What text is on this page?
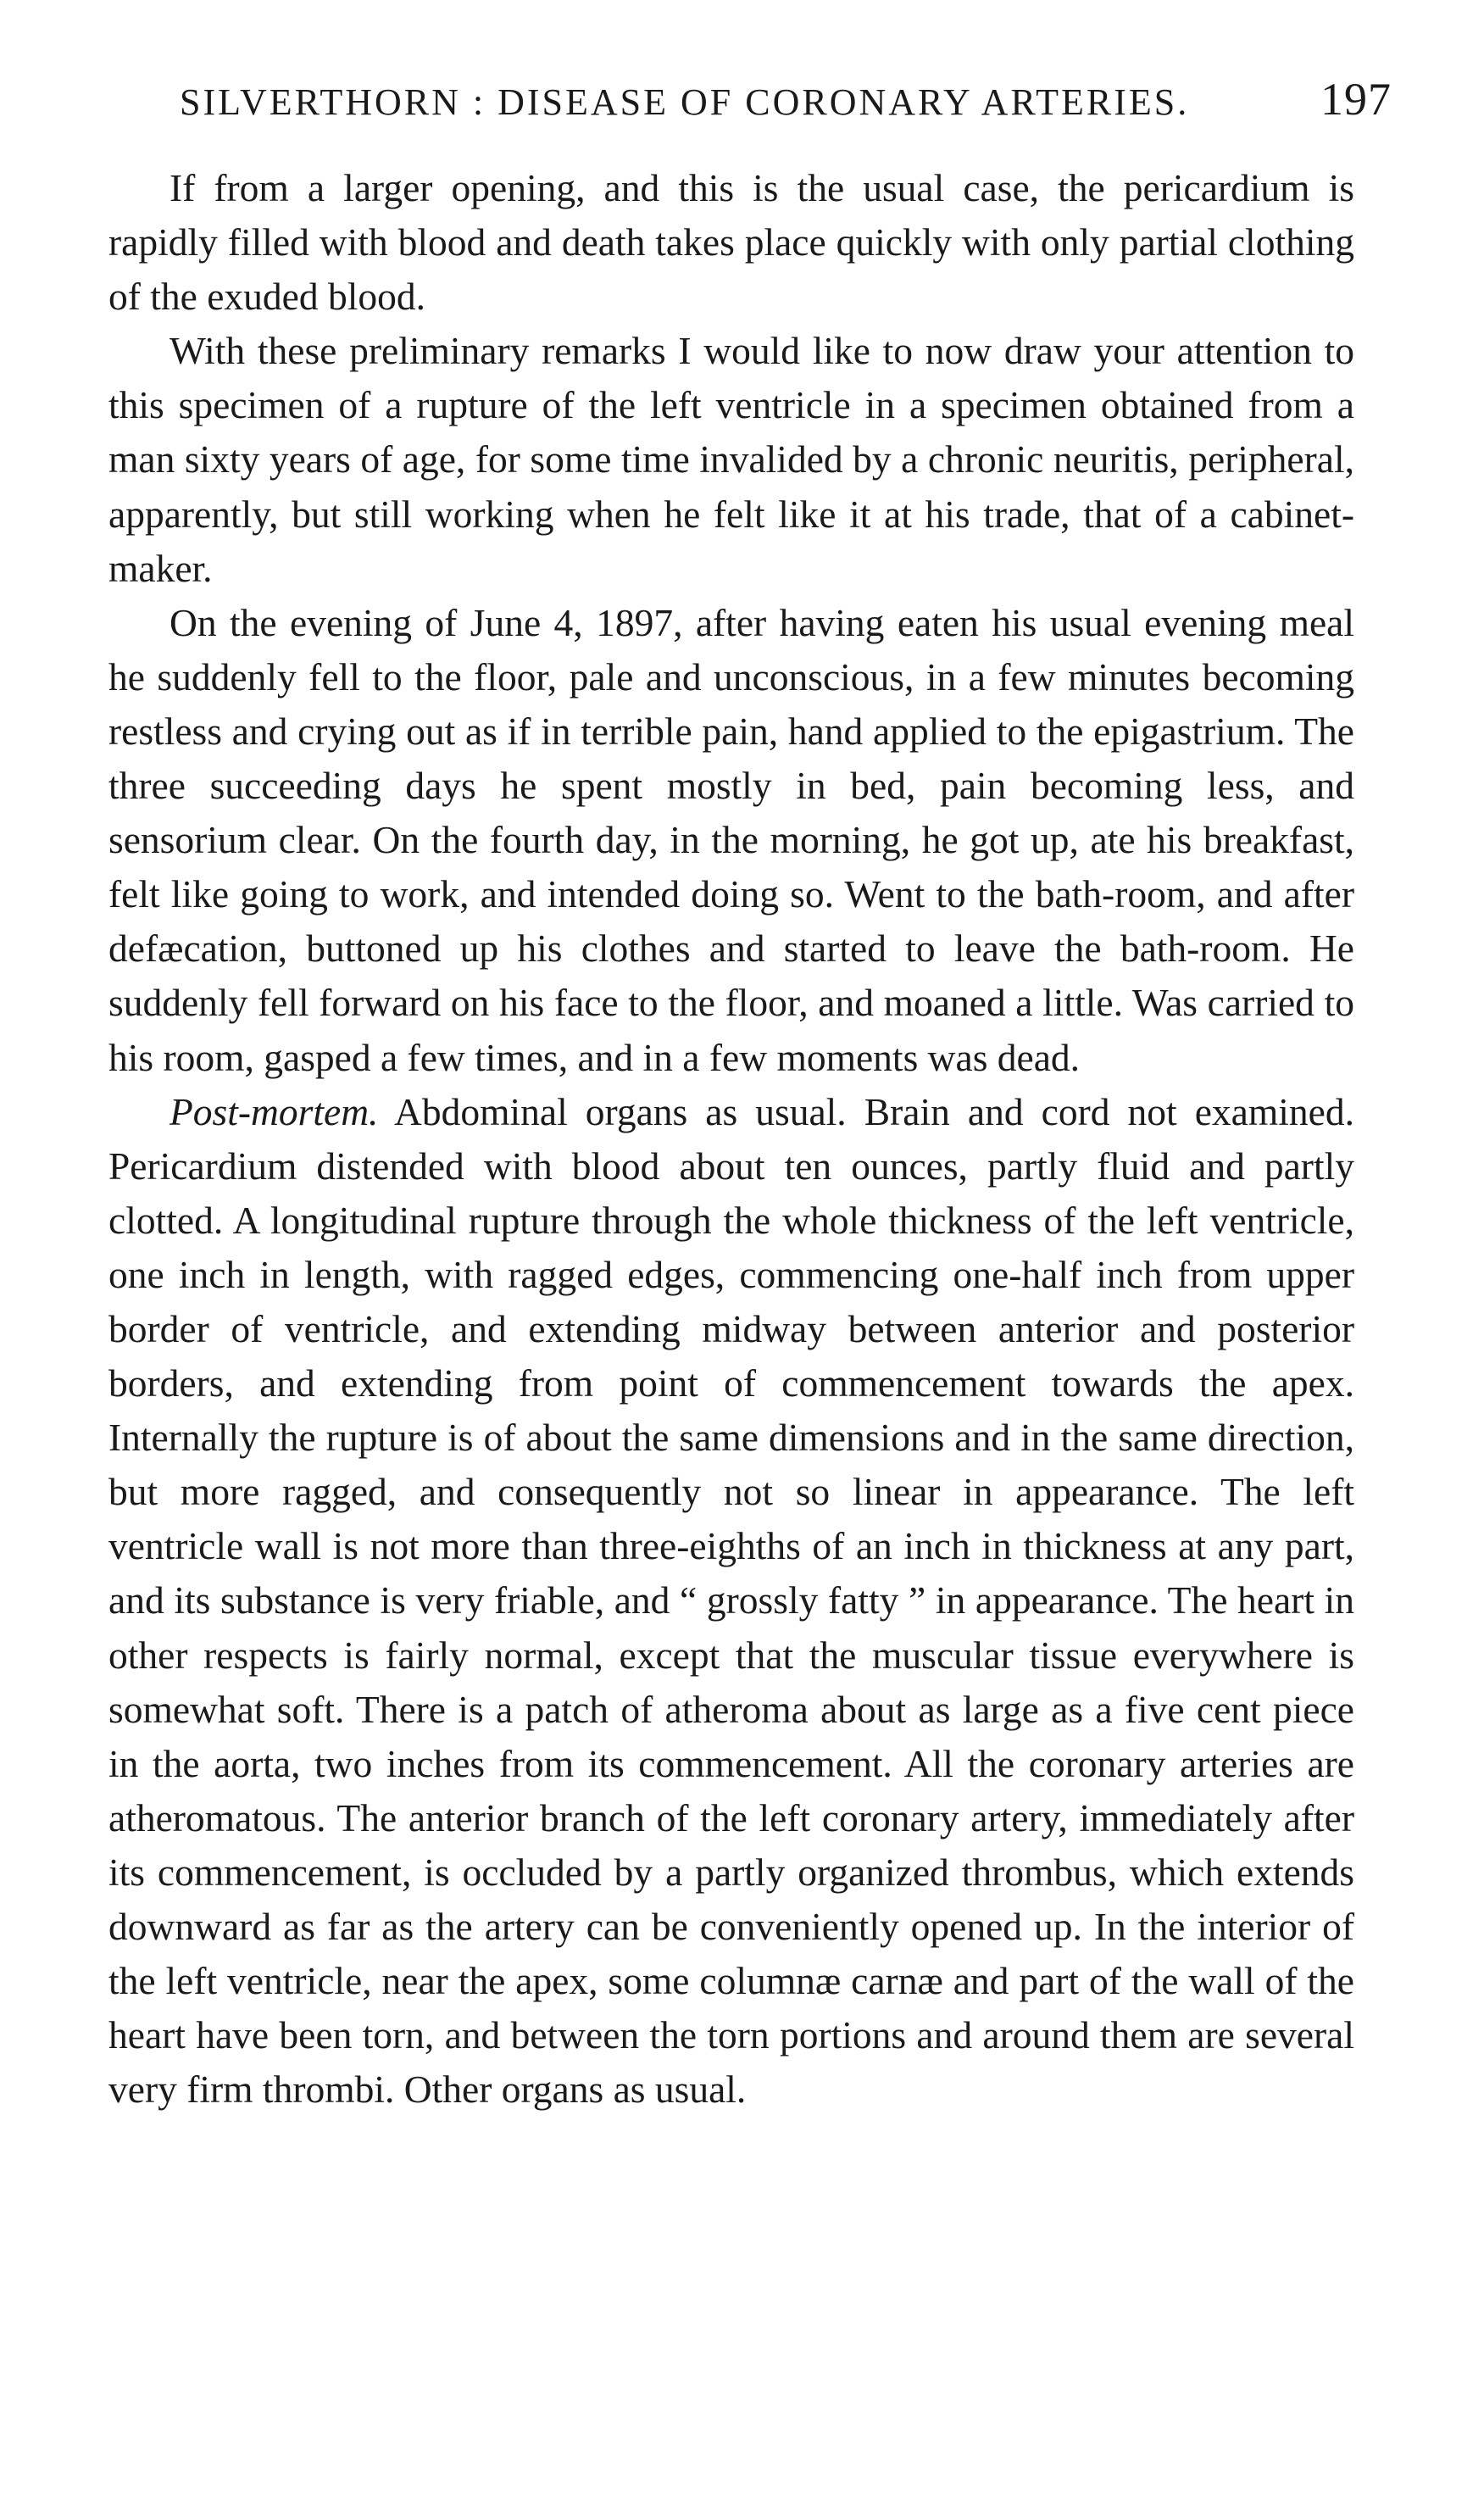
SILVERTHORN : DISEASE OF CORONARY ARTERIES.	197

If from a larger opening, and this is the usual case, the pericardium is rapidly filled with blood and death takes place quickly with only partial clothing of the exuded blood.

With these preliminary remarks I would like to now draw your attention to this specimen of a rupture of the left ventricle in a specimen obtained from a man sixty years of age, for some time invalided by a chronic neuritis, peripheral, apparently, but still working when he felt like it at his trade, that of a cabinet-maker.

On the evening of June 4, 1897, after having eaten his usual evening meal he suddenly fell to the floor, pale and unconscious, in a few minutes becoming restless and crying out as if in terrible pain, hand applied to the epigastrium. The three succeeding days he spent mostly in bed, pain becoming less, and sensorium clear. On the fourth day, in the morning, he got up, ate his breakfast, felt like going to work, and intended doing so. Went to the bath-room, and after defæcation, buttoned up his clothes and started to leave the bath-room. He suddenly fell forward on his face to the floor, and moaned a little. Was carried to his room, gasped a few times, and in a few moments was dead.

Post-mortem. Abdominal organs as usual. Brain and cord not examined. Pericardium distended with blood about ten ounces, partly fluid and partly clotted. A longitudinal rupture through the whole thickness of the left ventricle, one inch in length, with ragged edges, commencing one-half inch from upper border of ventricle, and extending midway between anterior and posterior borders, and extending from point of commencement towards the apex. Internally the rupture is of about the same dimensions and in the same direction, but more ragged, and consequently not so linear in appearance. The left ventricle wall is not more than three-eighths of an inch in thickness at any part, and its substance is very friable, and “ grossly fatty ” in appearance. The heart in other respects is fairly normal, except that the muscular tissue everywhere is somewhat soft. There is a patch of atheroma about as large as a five cent piece in the aorta, two inches from its commencement. All the coronary arteries are atheromatous. The anterior branch of the left coronary artery, immediately after its commencement, is occluded by a partly organized thrombus, which extends downward as far as the artery can be conveniently opened up. In the interior of the left ventricle, near the apex, some columnæ carnæ and part of the wall of the heart have been torn, and between the torn portions and around them are several very firm thrombi. Other organs as usual.
